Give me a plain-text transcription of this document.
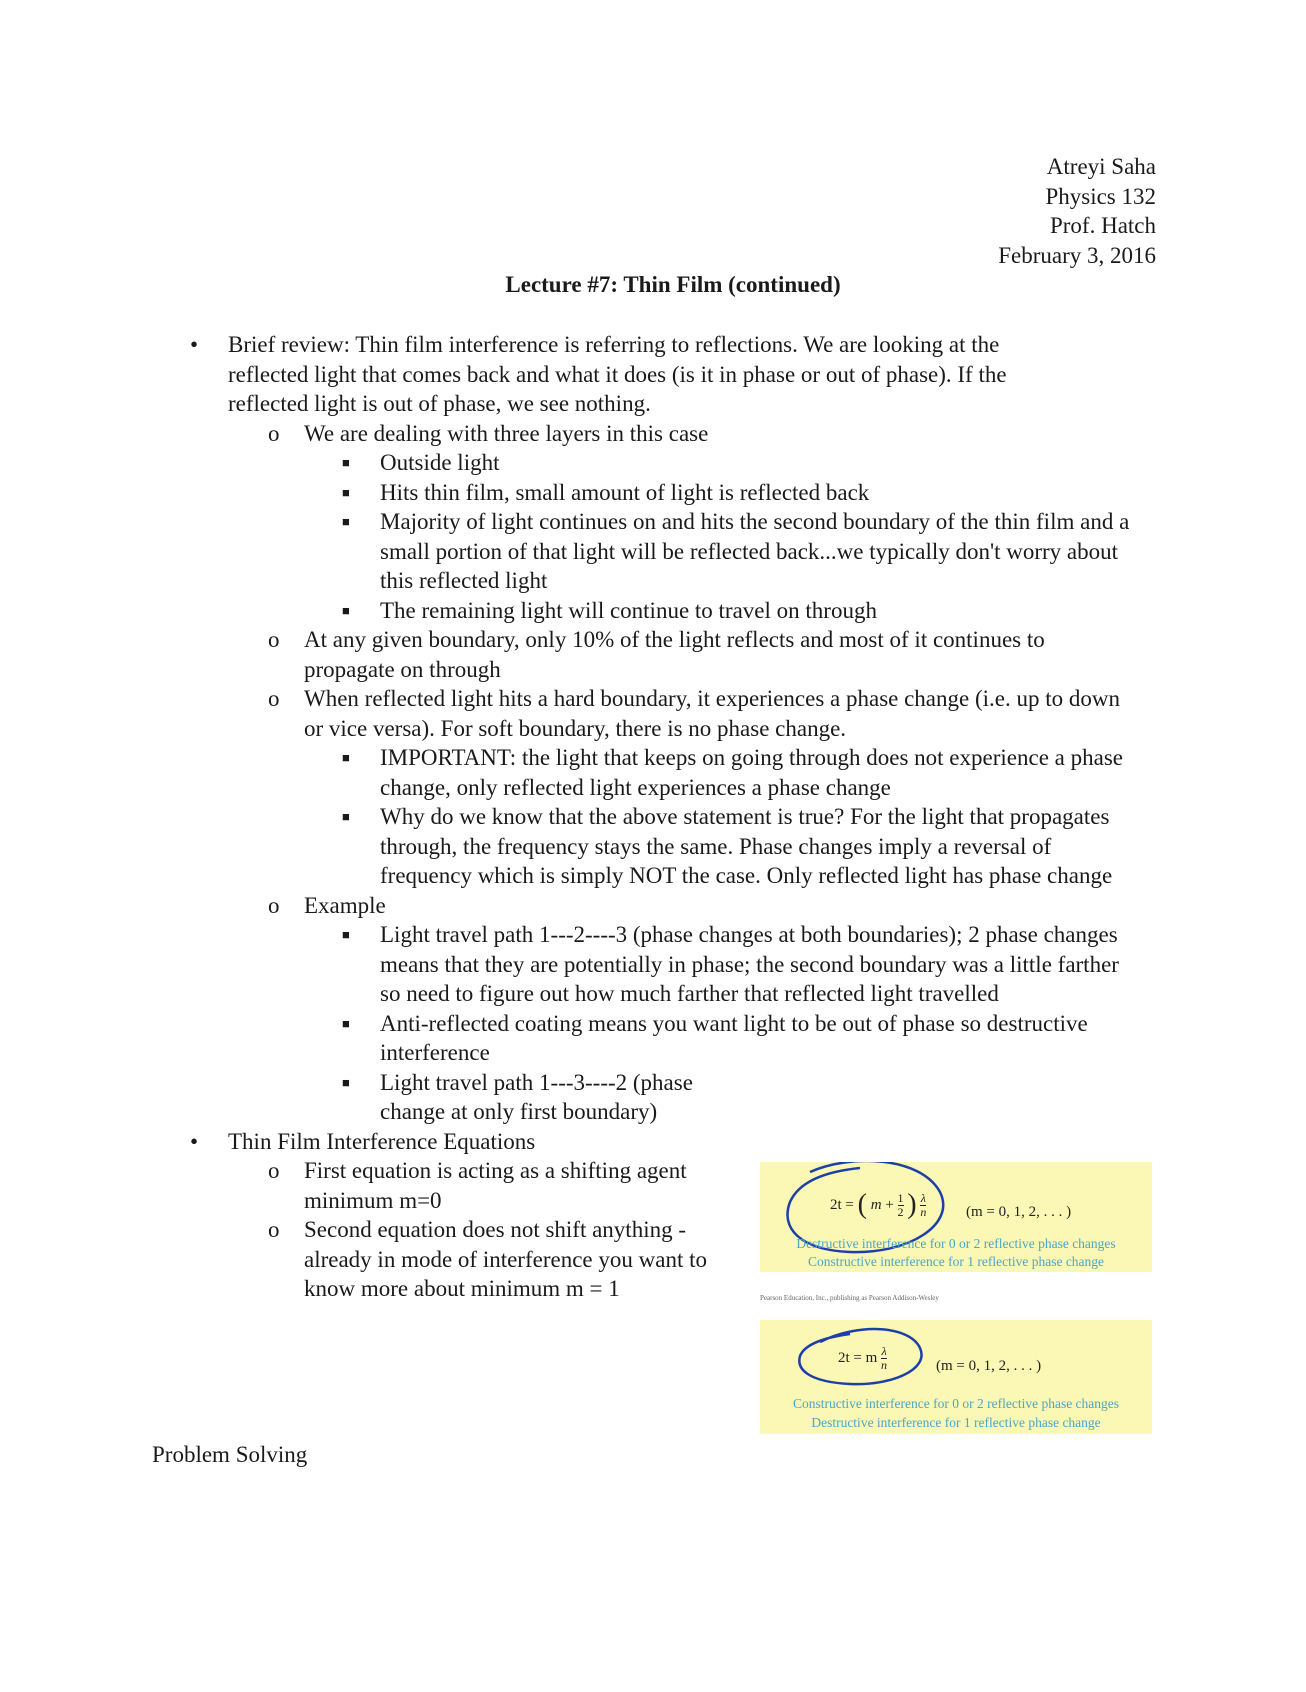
Atreyi Saha
Physics 132
Prof. Hatch
February 3, 2016
Lecture #7: Thin Film (continued)
• Brief review: Thin film interference is referring to reflections. We are looking at the reflected light that comes back and what it does (is it in phase or out of phase). If the reflected light is out of phase, we see nothing.
o We are dealing with three layers in this case
■ Outside light
■ Hits thin film, small amount of light is reflected back
■ Majority of light continues on and hits the second boundary of the thin film and a small portion of that light will be reflected back...we typically don't worry about this reflected light
■ The remaining light will continue to travel on through
o At any given boundary, only 10% of the light reflects and most of it continues to propagate on through
o When reflected light hits a hard boundary, it experiences a phase change (i.e. up to down or vice versa). For soft boundary, there is no phase change.
■ IMPORTANT: the light that keeps on going through does not experience a phase change, only reflected light experiences a phase change
■ Why do we know that the above statement is true? For the light that propagates through, the frequency stays the same. Phase changes imply a reversal of frequency which is simply NOT the case. Only reflected light has phase change
o Example
■ Light travel path 1---2----3 (phase changes at both boundaries); 2 phase changes means that they are potentially in phase; the second boundary was a little farther so need to figure out how much farther that reflected light travelled
■ Anti-reflected coating means you want light to be out of phase so destructive interference
■ Light travel path 1---3----2 (phase change at only first boundary)
• Thin Film Interference Equations
o First equation is acting as a shifting agent minimum m=0
o Second equation does not shift anything - already in mode of interference you want to know more about minimum m = 1
Problem Solving
2t = ( $m + \frac{1}{2}$ ) $\frac{\lambda}{n}$	(m = 0, 1, 2, . . . )
Destructive interference for 0 or 2 reflective phase changes
Constructive interference for 1 reflective phase change
Pearson Education, Inc., publishing as Pearson Addison-Wesley
2t = m $\frac{\lambda}{n}$	(m = 0, 1, 2, . . . )
Constructive interference for 0 or 2 reflective phase changes
Destructive interference for 1 reflective phase change
